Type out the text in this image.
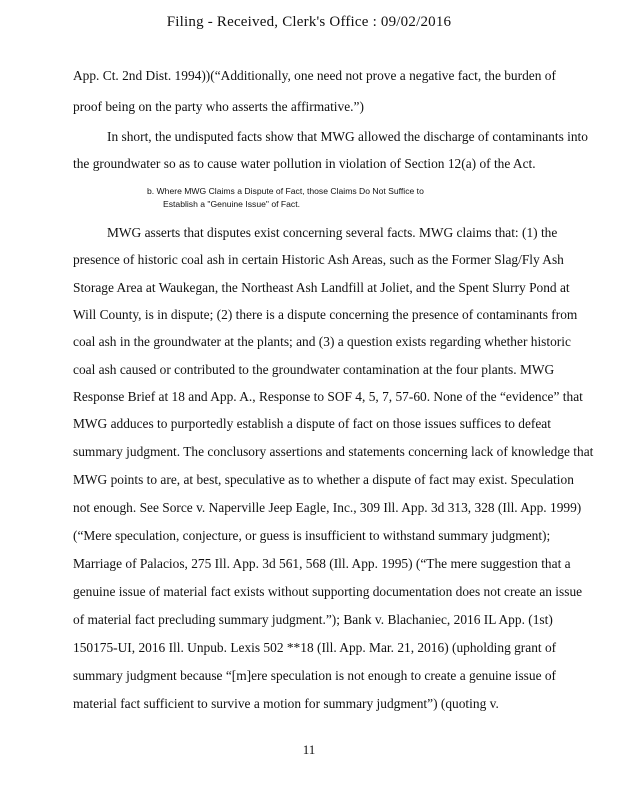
Filing - Received, Clerk's Office : 09/02/2016
App. Ct. 2nd Dist. 1994))(“Additionally, one need not prove a negative fact, the burden of
proof being on the party who asserts the affirmative.”)
In short, the undisputed facts show that MWG allowed the discharge of contaminants into
the groundwater so as to cause water pollution in violation of Section 12(a) of the Act.
b. Where MWG Claims a Dispute of Fact, those Claims Do Not Suffice to
Establish a "Genuine Issue" of Fact.
MWG asserts that disputes exist concerning several facts. MWG claims that: (1) the
presence of historic coal ash in certain Historic Ash Areas, such as the Former Slag/Fly Ash
Storage Area at Waukegan, the Northeast Ash Landfill at Joliet, and the Spent Slurry Pond at
Will County, is in dispute; (2) there is a dispute concerning the presence of contaminants from
coal ash in the groundwater at the plants; and (3) a question exists regarding whether historic
coal ash caused or contributed to the groundwater contamination at the four plants. MWG
Response Brief at 18 and App. A., Response to SOF 4, 5, 7, 57-60. None of the “evidence” that
MWG adduces to purportedly establish a dispute of fact on those issues suffices to defeat
summary judgment. The conclusory assertions and statements concerning lack of knowledge that
MWG points to are, at best, speculative as to whether a dispute of fact may exist. Speculation
not enough. See Sorce v. Naperville Jeep Eagle, Inc., 309 Ill. App. 3d 313, 328 (Ill. App. 1999)
(“Mere speculation, conjecture, or guess is insufficient to withstand summary judgment);
Marriage of Palacios, 275 Ill. App. 3d 561, 568 (Ill. App. 1995) (“The mere suggestion that a
genuine issue of material fact exists without supporting documentation does not create an issue
of material fact precluding summary judgment.”); Bank v. Blachaniec, 2016 IL App. (1st)
150175-UI, 2016 Ill. Unpub. Lexis 502 **18 (Ill. App. Mar. 21, 2016) (upholding grant of
summary judgment because “[m]ere speculation is not enough to create a genuine issue of
material fact sufficient to survive a motion for summary judgment”) (quoting v.
11
